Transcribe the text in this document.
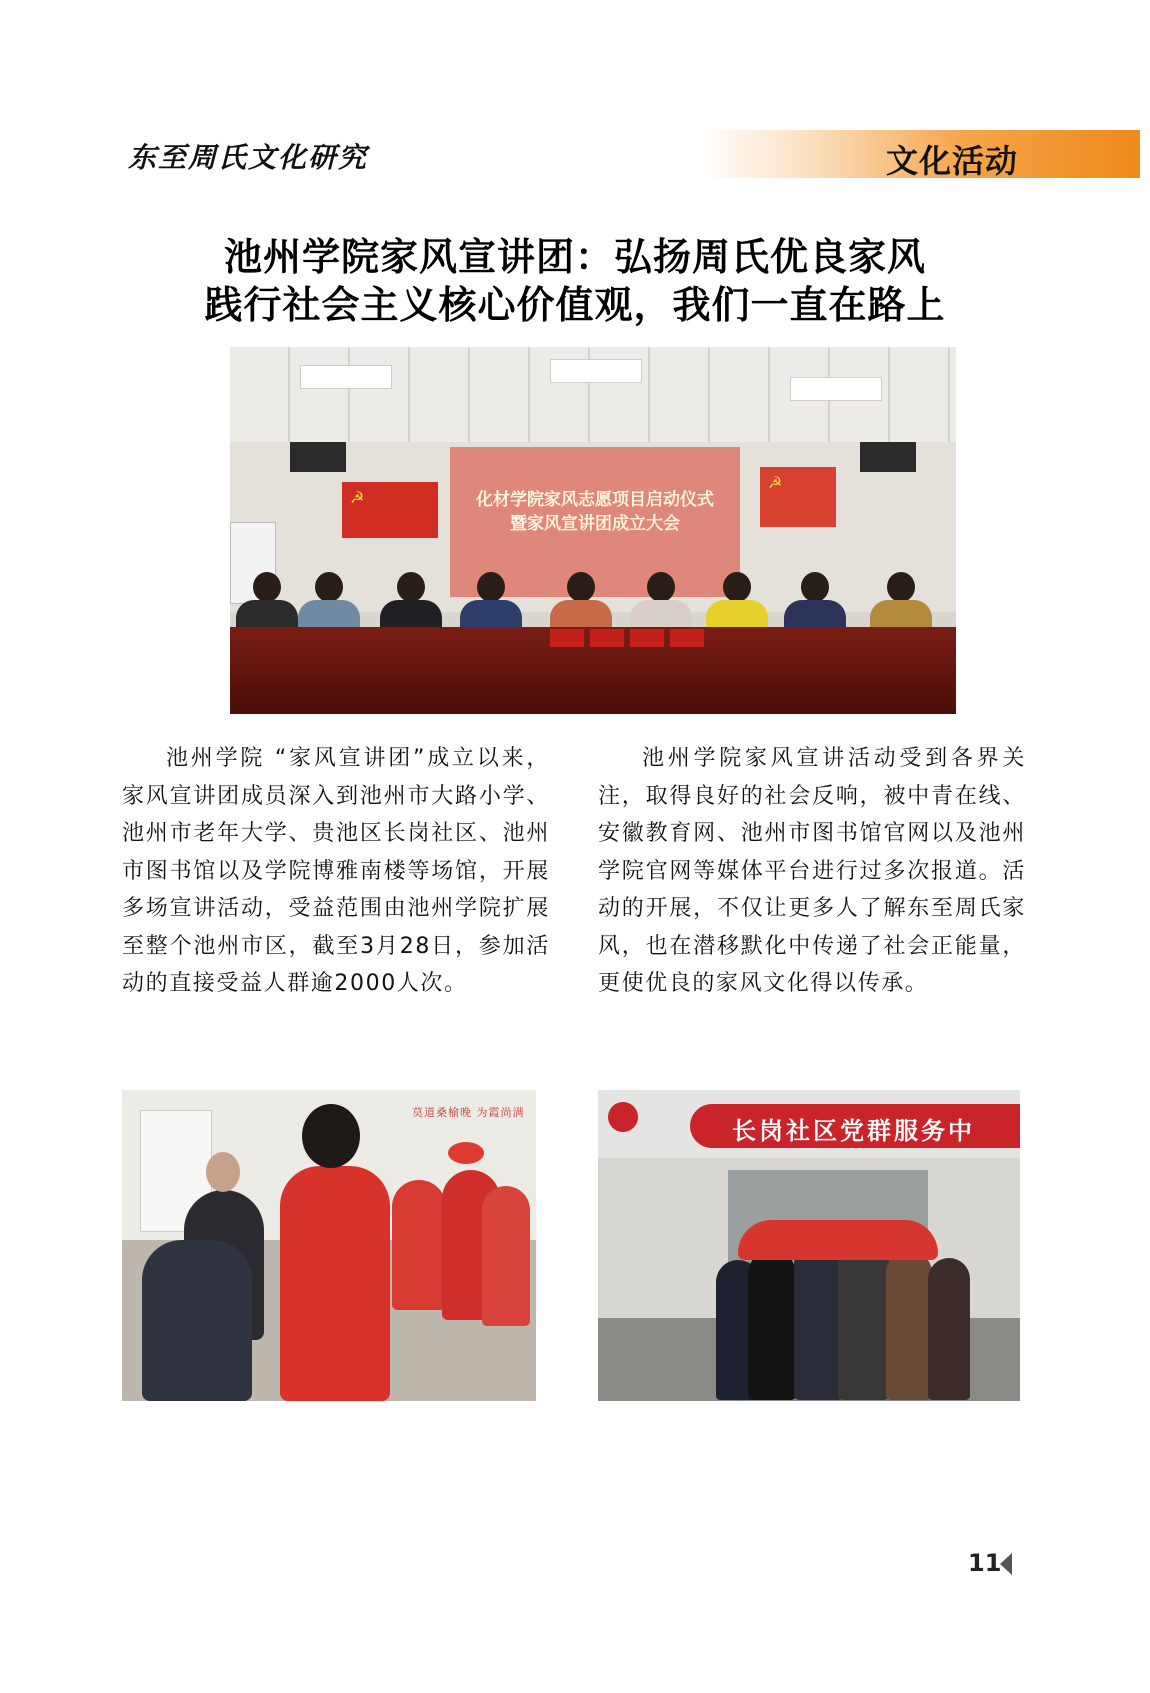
东至周氏文化研究	文化活动
池州学院家风宣讲团：弘扬周氏优良家风
践行社会主义核心价值观，我们一直在路上
☭
☭
化材学院家风志愿项目启动仪式
暨家风宣讲团成立大会

池州学院 “家风宣讲团”成立以来，家风宣讲团成员深入到池州市大路小学、池州市老年大学、贵池区长岗社区、池州市图书馆以及学院博雅南楼等场馆，开展多场宣讲活动，受益范围由池州学院扩展至整个池州市区，截至3月28日，参加活动的直接受益人群逾2000人次。

池州学院家风宣讲活动受到各界关注，取得良好的社会反响，被中青在线、安徽教育网、池州市图书馆官网以及池州学院官网等媒体平台进行过多次报道。活动的开展，不仅让更多人了解东至周氏家风，也在潜移默化中传递了社会正能量，更使优良的家风文化得以传承。

莫道桑榆晚 为霞尚满
长岗社区党群服务中
11
